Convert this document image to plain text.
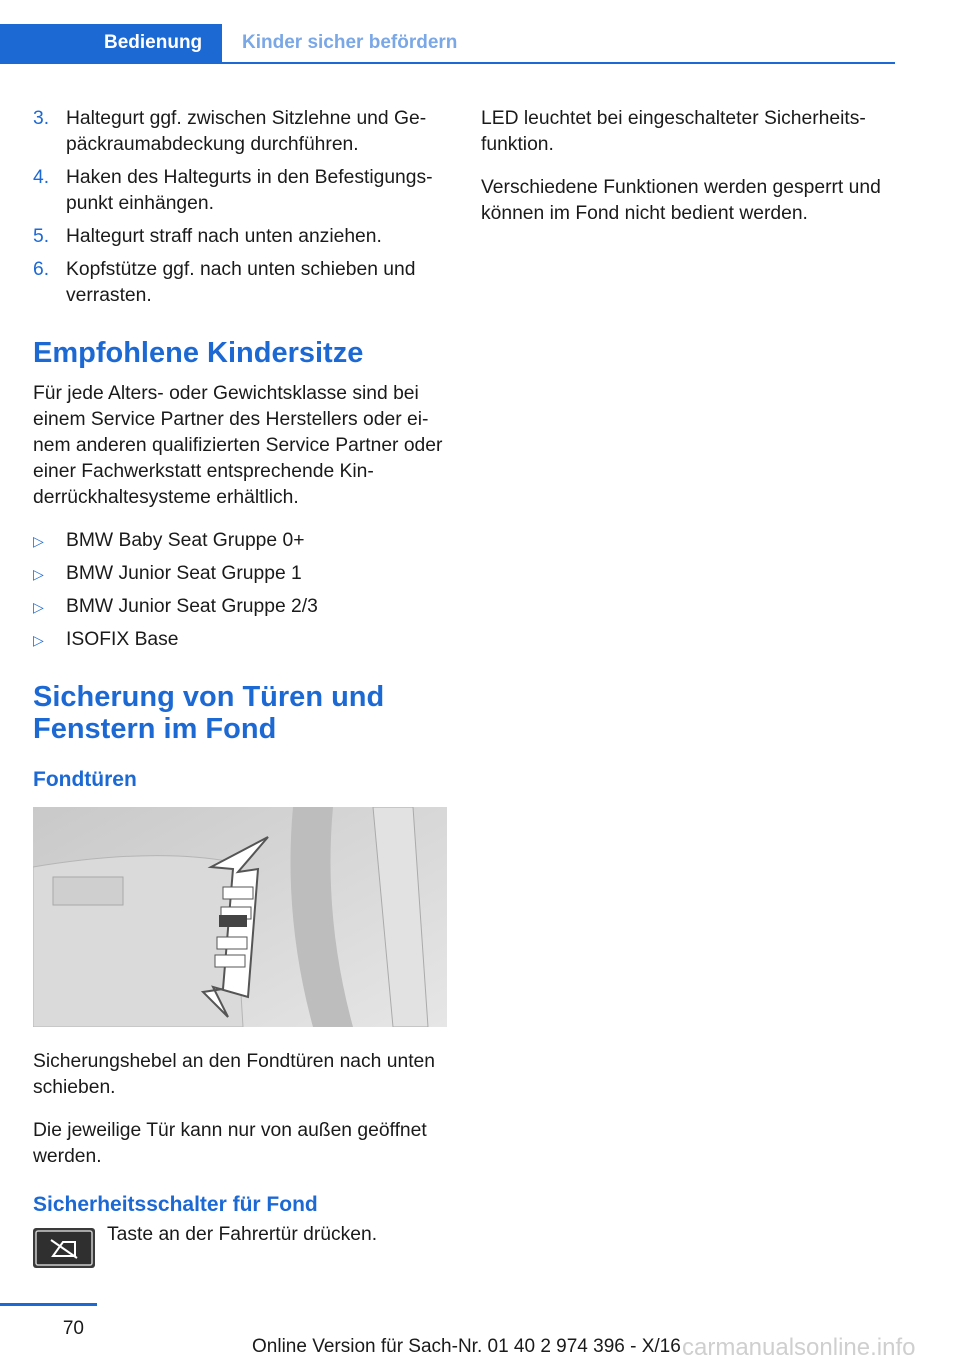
Bedienung	Kinder sicher befördern
3. Haltegurt ggf. zwischen Sitzlehne und Gepäckraumabdeckung durchführen.
4. Haken des Haltegurts in den Befestigungspunkt einhängen.
5. Haltegurt straff nach unten anziehen.
6. Kopfstütze ggf. nach unten schieben und verrasten.
Empfohlene Kindersitze

Für jede Alters- oder Gewichtsklasse sind bei einem Service Partner des Herstellers oder einem anderen qualifizierten Service Partner oder einer Fachwerkstatt entsprechende Kinderrückhaltesysteme erhältlich.

▷ BMW Baby Seat Gruppe 0+
▷ BMW Junior Seat Gruppe 1
▷ BMW Junior Seat Gruppe 2/3
▷ ISOFIX Base
Sicherung von Türen und Fenstern im Fond
Fondtüren

Sicherungshebel an den Fondtüren nach unten schieben.

Die jeweilige Tür kann nur von außen geöffnet werden.

Sicherheitsschalter für Fond
Taste an der Fahrertür drücken.

LED leuchtet bei eingeschalteter Sicherheitsfunktion.

Verschiedene Funktionen werden gesperrt und können im Fond nicht bedient werden.

70
Online Version für Sach-Nr. 01 40 2 974 396 - X/16 carmanualsonline.info
